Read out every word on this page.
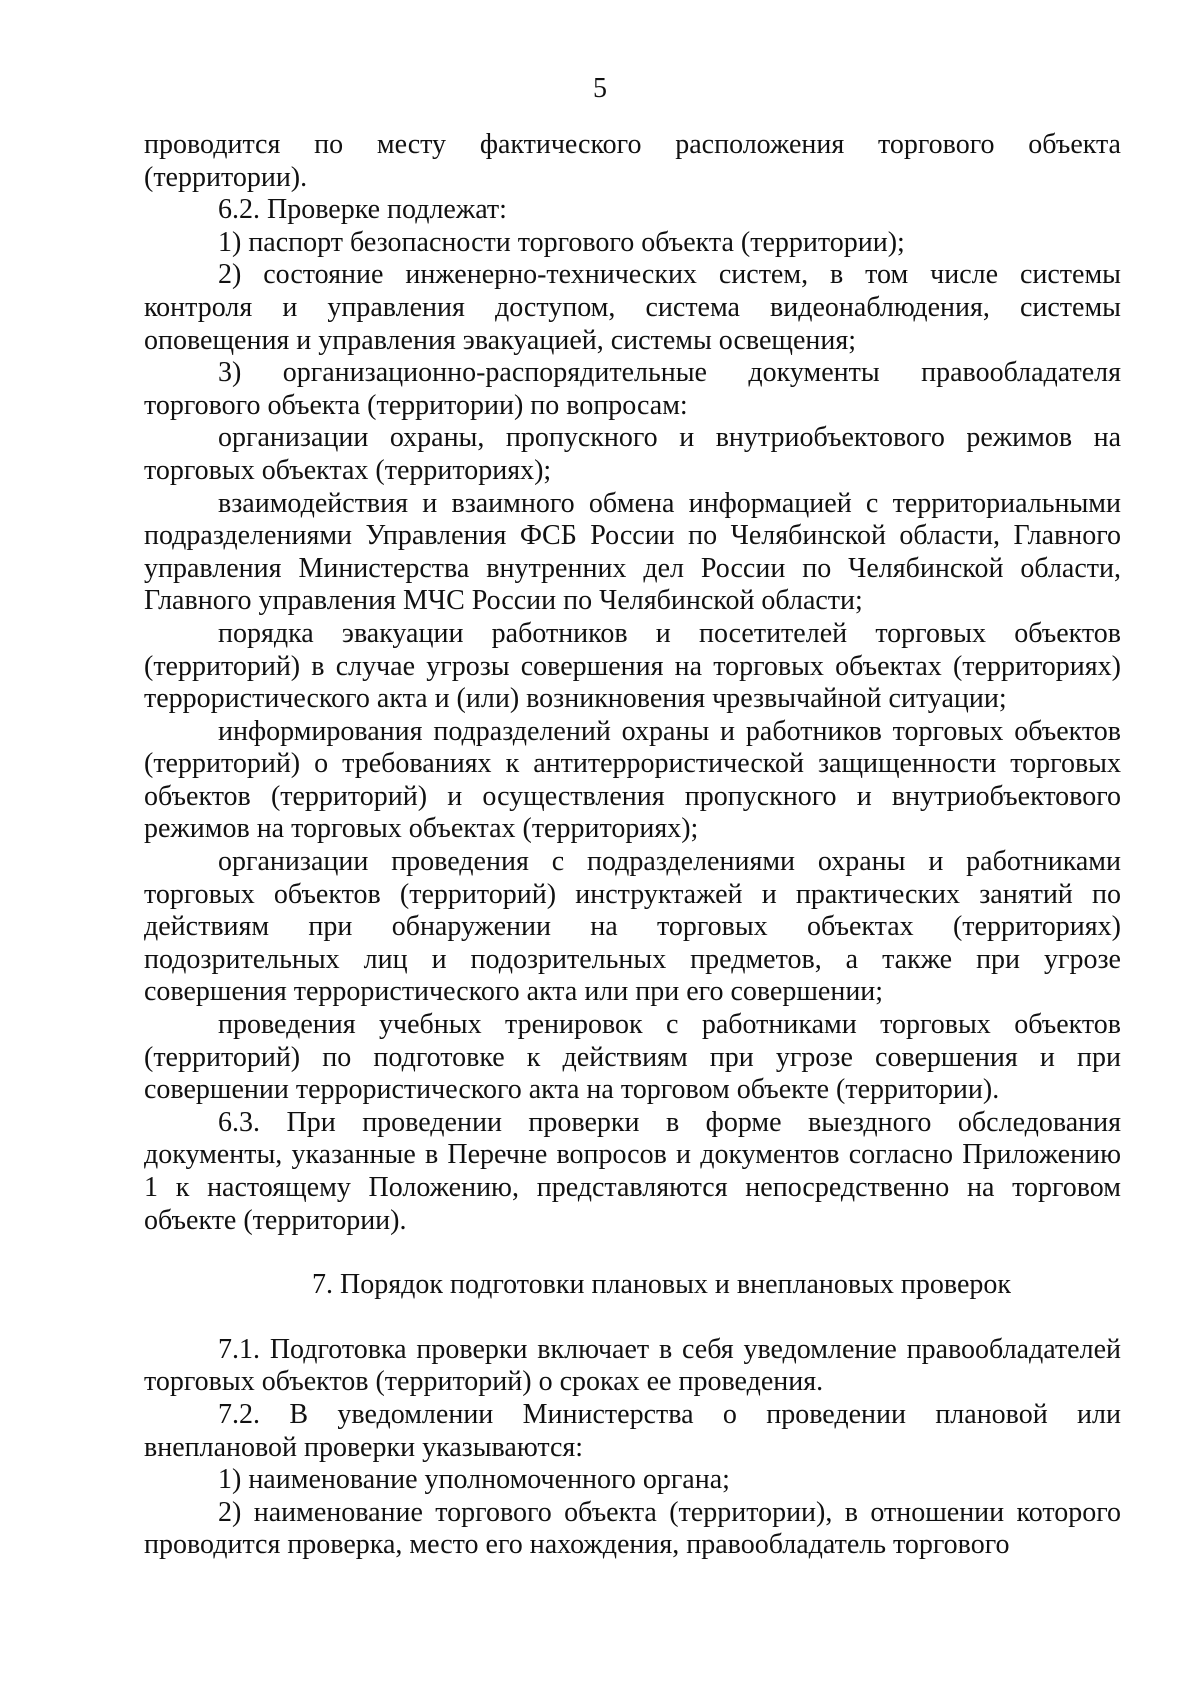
5

проводится по месту фактического расположения торгового объекта (территории).

6.2. Проверке подлежат:

1) паспорт безопасности торгового объекта (территории);

2) состояние инженерно-технических систем, в том числе системы контроля и управления доступом, система видеонаблюдения, системы оповещения и управления эвакуацией, системы освещения;

3) организационно-распорядительные документы правообладателя торгового объекта (территории) по вопросам:

организации охраны, пропускного и внутриобъектового режимов на торговых объектах (территориях);

взаимодействия и взаимного обмена информацией с территориальными подразделениями Управления ФСБ России по Челябинской области, Главного управления Министерства внутренних дел России по Челябинской области, Главного управления МЧС России по Челябинской области;

порядка эвакуации работников и посетителей торговых объектов (территорий) в случае угрозы совершения на торговых объектах (территориях) террористического акта и (или) возникновения чрезвычайной ситуации;

информирования подразделений охраны и работников торговых объектов (территорий) о требованиях к антитеррористической защищенности торговых объектов (территорий) и осуществления пропускного и внутриобъектового режимов на торговых объектах (территориях);

организации проведения с подразделениями охраны и работниками торговых объектов (территорий) инструктажей и практических занятий по действиям при обнаружении на торговых объектах (территориях) подозрительных лиц и подозрительных предметов, а также при угрозе совершения террористического акта или при его совершении;

проведения учебных тренировок с работниками торговых объектов (территорий) по подготовке к действиям при угрозе совершения и при совершении террористического акта на торговом объекте (территории).

6.3. При проведении проверки в форме выездного обследования документы, указанные в Перечне вопросов и документов согласно Приложению 1 к настоящему Положению, представляются непосредственно на торговом объекте (территории).

7. Порядок подготовки плановых и внеплановых проверок

7.1. Подготовка проверки включает в себя уведомление правообладателей торговых объектов (территорий) о сроках ее проведения.

7.2. В уведомлении Министерства о проведении плановой или внеплановой проверки указываются:

1) наименование уполномоченного органа;

2) наименование торгового объекта (территории), в отношении которого проводится проверка, место его нахождения, правообладатель торгового
